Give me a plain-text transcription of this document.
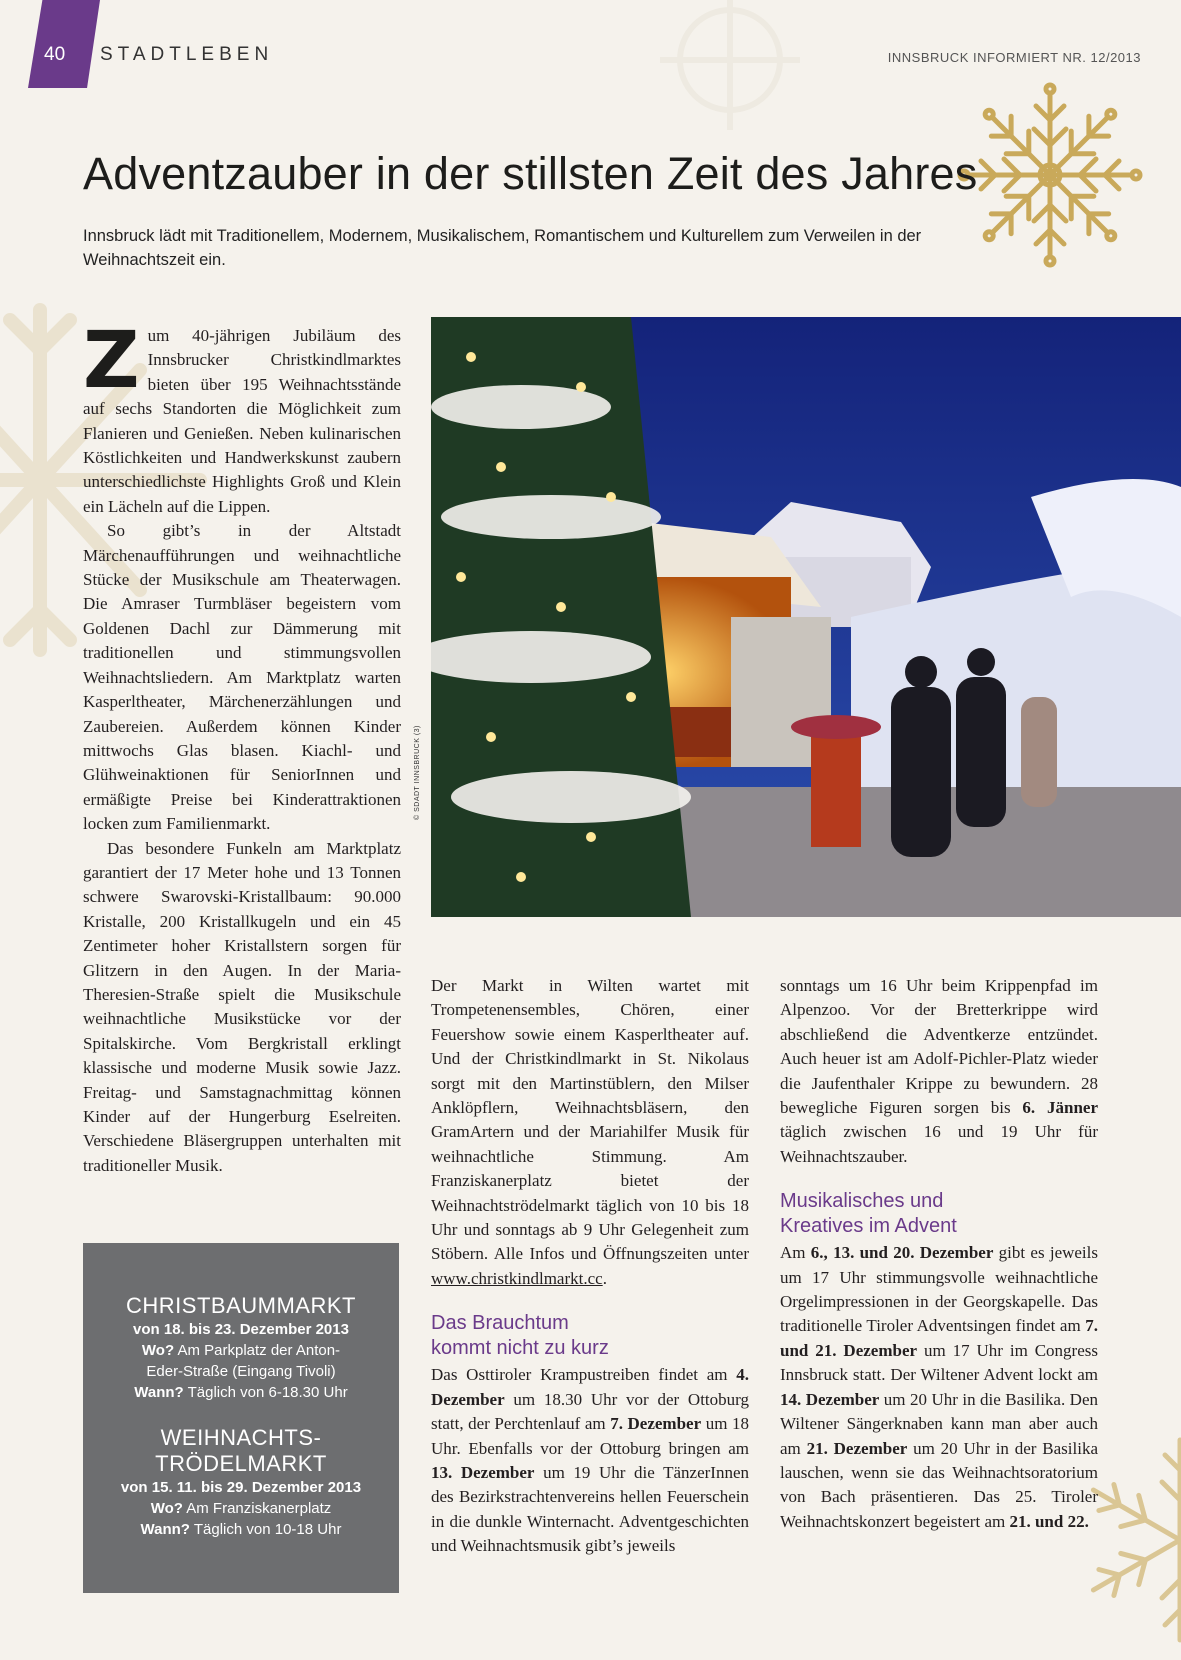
40 STADTLEBEN	INNSBRUCK INFORMIERT NR. 12/2013
Adventzauber in der stillsten Zeit des Jahres
Innsbruck lädt mit Traditionellem, Modernem, Musikalischem, Romantischem und Kulturellem zum Verweilen in der Weihnachtszeit ein.

Zum 40-jährigen Jubiläum des Innsbrucker Christkindlmarktes bieten über 195 Weihnachtsstände auf sechs Standorten die Möglichkeit zum Flanieren und Genießen. Neben kulinarischen Köstlichkeiten und Handwerkskunst zaubern unterschiedlichste Highlights Groß und Klein ein Lächeln auf die Lippen.

So gibt’s in der Altstadt Märchenaufführungen und weihnachtliche Stücke der Musikschule am Theaterwagen. Die Amraser Turmbläser begeistern vom Goldenen Dachl zur Dämmerung mit traditionellen und stimmungsvollen Weihnachtsliedern. Am Marktplatz warten Kasperltheater, Märchenerzählungen und Zaubereien. Außerdem können Kinder mittwochs Glas blasen. Kiachl- und Glühweinaktionen für SeniorInnen und ermäßigte Preise bei Kinderattraktionen locken zum Familienmarkt.

Das besondere Funkeln am Marktplatz garantiert der 17 Meter hohe und 13 Tonnen schwere Swarovski-Kristallbaum: 90.000 Kristalle, 200 Kristallkugeln und ein 45 Zentimeter hoher Kristallstern sorgen für Glitzern in den Augen. In der Maria-Theresien-Straße spielt die Musikschule weihnachtliche Musikstücke vor der Spitalskirche. Vom Bergkristall erklingt klassische und moderne Musik sowie Jazz. Freitag- und Samstagnachmittag können Kinder auf der Hungerburg Eselreiten. Verschiedene Bläsergruppen unterhalten mit traditioneller Musik.

© SDADT INNSBRUCK (3)

Der Markt in Wilten wartet mit Trompetenensembles, Chören, einer Feuershow sowie einem Kasperltheater auf. Und der Christkindlmarkt in St. Nikolaus sorgt mit den Martinstüblern, den Milser Anklöpflern, Weihnachtsbläsern, den GramArtern und der Mariahilfer Musik für weihnachtliche Stimmung. Am Franziskanerplatz bietet der Weihnachtströdelmarkt täglich von 10 bis 18 Uhr und sonntags ab 9 Uhr Gelegenheit zum Stöbern. Alle Infos und Öffnungszeiten unter www.christkindlmarkt.cc.

Das Brauchtum
kommt nicht zu kurz

Das Osttiroler Krampustreiben findet am 4. Dezember um 18.30 Uhr vor der Ottoburg statt, der Perchtenlauf am 7. Dezember um 18 Uhr. Ebenfalls vor der Ottoburg bringen am 13. Dezember um 19 Uhr die TänzerInnen des Bezirkstrachtenvereins hellen Feuerschein in die dunkle Winternacht. Adventgeschichten und Weihnachtsmusik gibt’s jeweils

sonntags um 16 Uhr beim Krippenpfad im Alpenzoo. Vor der Bretterkrippe wird abschließend die Adventkerze entzündet. Auch heuer ist am Adolf-Pichler-Platz wieder die Jaufenthaler Krippe zu bewundern. 28 bewegliche Figuren sorgen bis 6. Jänner täglich zwischen 16 und 19 Uhr für Weihnachtszauber.

Musikalisches und
Kreatives im Advent

Am 6., 13. und 20. Dezember gibt es jeweils um 17 Uhr stimmungsvolle weihnachtliche Orgelimpressionen in der Georgskapelle. Das traditionelle Tiroler Adventsingen findet am 7. und 21. Dezember um 17 Uhr im Congress Innsbruck statt. Der Wiltener Advent lockt am 14. Dezember um 20 Uhr in die Basilika. Den Wiltener Sängerknaben kann man aber auch am 21. Dezember um 20 Uhr in der Basilika lauschen, wenn sie das Weihnachtsoratorium von Bach präsentieren. Das 25. Tiroler Weihnachtskonzert begeistert am 21. und 22.

CHRISTBAUMMARKT
von 18. bis 23. Dezember 2013
Wo? Am Parkplatz der Anton-
Eder-Straße (Eingang Tivoli)
Wann? Täglich von 6-18.30 Uhr
WEIHNACHTS-
TRÖDELMARKT
von 15. 11. bis 29. Dezember 2013
Wo? Am Franziskanerplatz
Wann? Täglich von 10-18 Uhr
